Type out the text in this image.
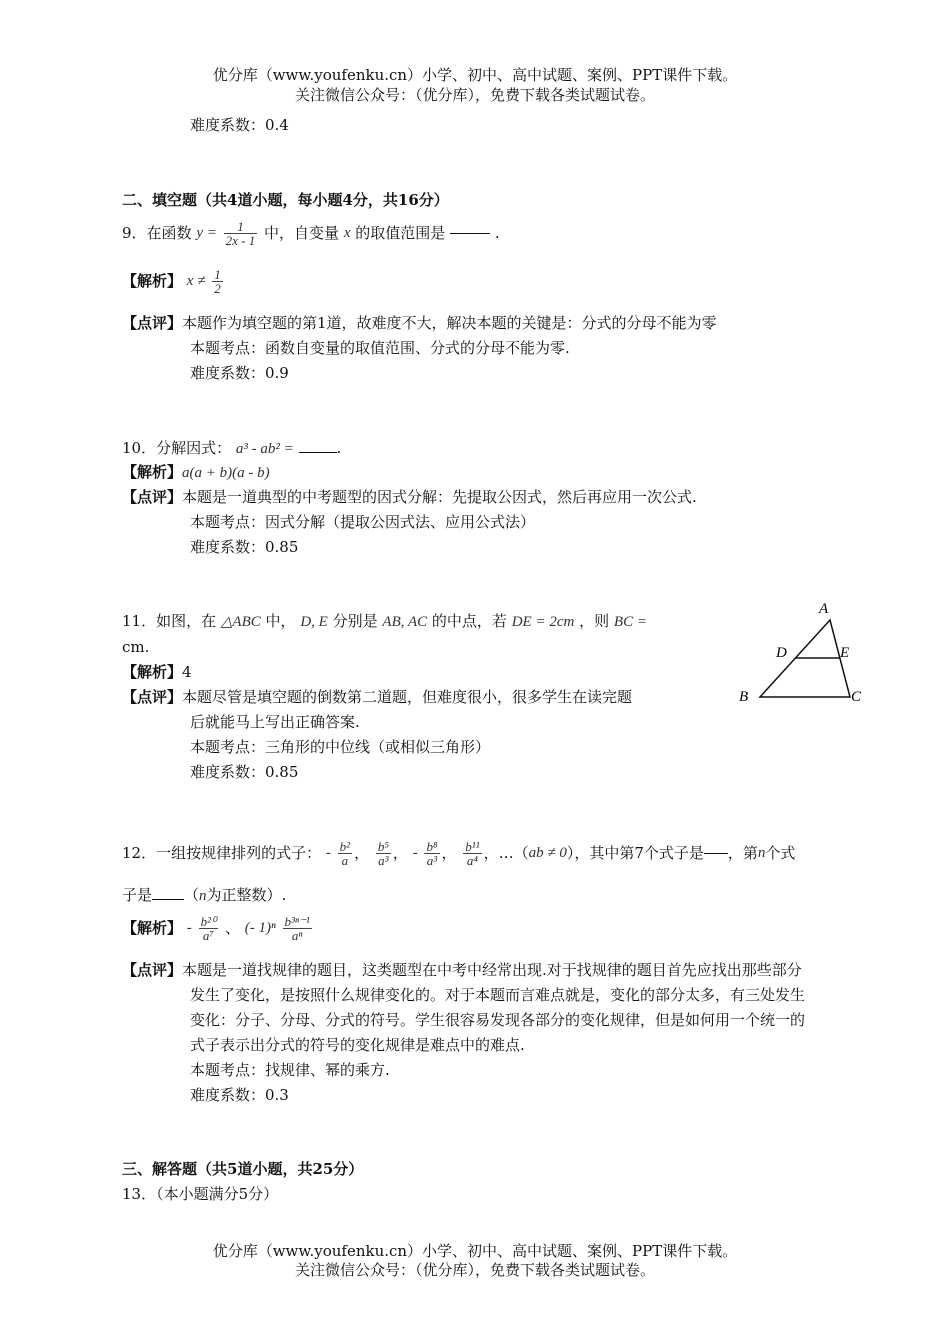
优分库（www.youfenku.cn）小学、初中、高中试题、案例、PPT课件下载。
关注微信公众号：（优分库），免费下载各类试题试卷。
难度系数：0.4
二、填空题（共4道小题，每小题4分，共16分）
9．在函数 $y = \frac{1}{2x - 1}$ 中，自变量 x 的取值范围是	.
【解析】 $x \ne \frac{1}{2}$
【点评】本题作为填空题的第1道，故难度不大，解决本题的关键是：分式的分母不能为零
本题考点：函数自变量的取值范围、分式的分母不能为零.
难度系数：0.9
10．分解因式： a³ - ab² =	.
【解析】a(a + b)(a - b)
【点评】本题是一道典型的中考题型的因式分解：先提取公因式，然后再应用一次公式.
本题考点：因式分解（提取公因式法、应用公式法）
难度系数：0.85
11．如图，在 △ABC 中， D, E 分别是 AB, AC 的中点，若 DE = 2cm ，则 BC =
cm.
【解析】4
【点评】本题尽管是填空题的倒数第二道题，但难度很小，很多学生在读完题
后就能马上写出正确答案.
本题考点：三角形的中位线（或相似三角形）
难度系数：0.85
A
B	C
D	E
12．一组按规律排列的式子： - $\frac{\text{b²}}{a}$ ， $\frac{\text{b⁵}}{\text{a³}}$ ， - $\frac{\text{b⁸}}{\text{a³}}$ ， $\frac{\text{b¹¹}}{\text{a⁴}}$ ，…（ab ≠ 0），其中第7个式子是 ，第n个式
子是 （n为正整数）.
【解析】 - $\frac{\text{b²⁰}}{\text{a⁷}}$ 、 (- $1)^n \frac{\text{b³ⁿ⁻¹}}{\text{aⁿ}}$
【点评】本题是一道找规律的题目，这类题型在中考中经常出现.对于找规律的题目首先应找出那些部分
发生了变化，是按照什么规律变化的。对于本题而言难点就是，变化的部分太多，有三处发生
变化：分子、分母、分式的符号。学生很容易发现各部分的变化规律，但是如何用一个统一的
式子表示出分式的符号的变化规律是难点中的难点.
本题考点：找规律、幂的乘方.
难度系数：0.3
三、解答题（共5道小题，共25分）
13．（本小题满分5分）
优分库（www.youfenku.cn）小学、初中、高中试题、案例、PPT课件下载。
关注微信公众号：（优分库），免费下载各类试题试卷。
